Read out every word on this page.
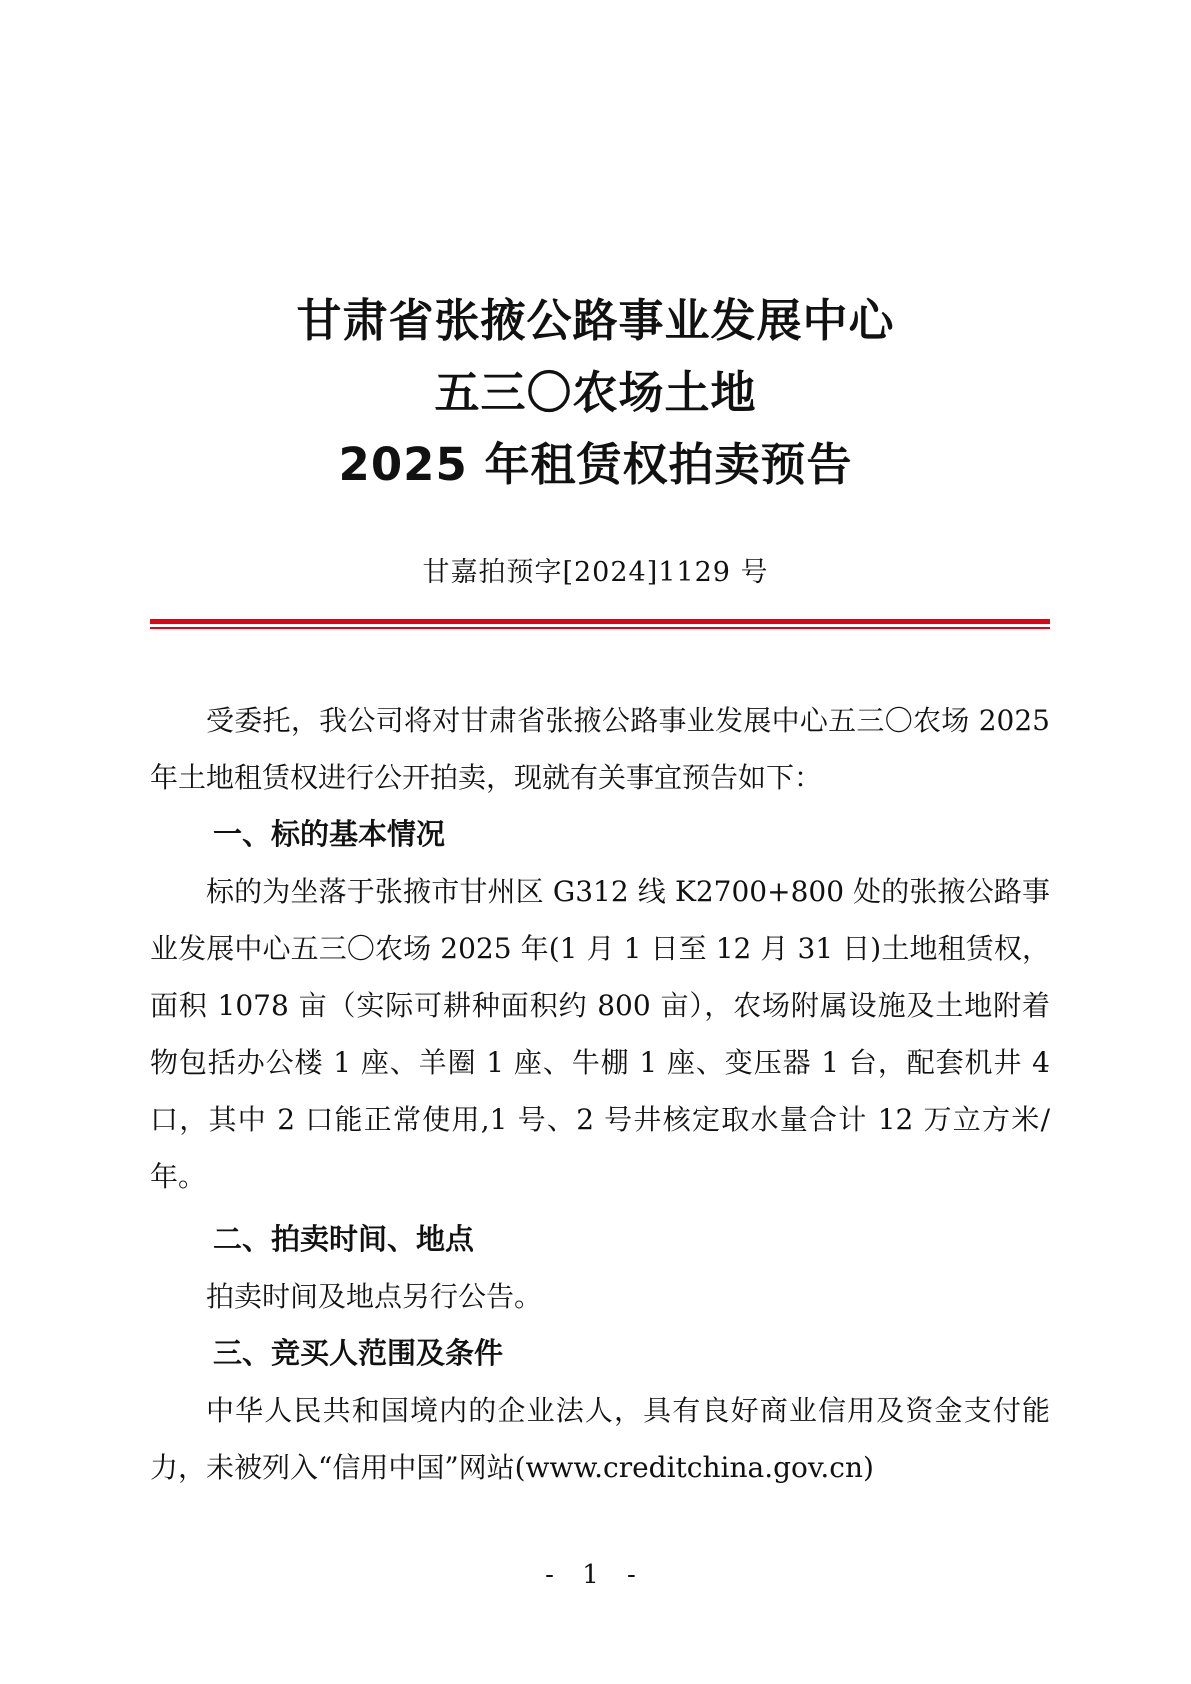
甘肃省张掖公路事业发展中心
五三〇农场土地
2025 年租赁权拍卖预告
甘嘉拍预字[2024]1129 号

受委托，我公司将对甘肃省张掖公路事业发展中心五三〇农场 2025 年土地租赁权进行公开拍卖，现就有关事宜预告如下：

一、标的基本情况

标的为坐落于张掖市甘州区 G312 线 K2700+800 处的张掖公路事业发展中心五三〇农场 2025 年(1 月 1 日至 12 月 31 日)土地租赁权，面积 1078 亩（实际可耕种面积约 800 亩），农场附属设施及土地附着物包括办公楼 1 座、羊圈 1 座、牛棚 1 座、变压器 1 台，配套机井 4 口，其中 2 口能正常使用,1 号、2 号井核定取水量合计 12 万立方米/年。

二、拍卖时间、地点

拍卖时间及地点另行公告。

三、竞买人范围及条件

中华人民共和国境内的企业法人，具有良好商业信用及资金支付能力，未被列入“信用中国”网站(www.creditchina.gov.cn)

- 1 -
